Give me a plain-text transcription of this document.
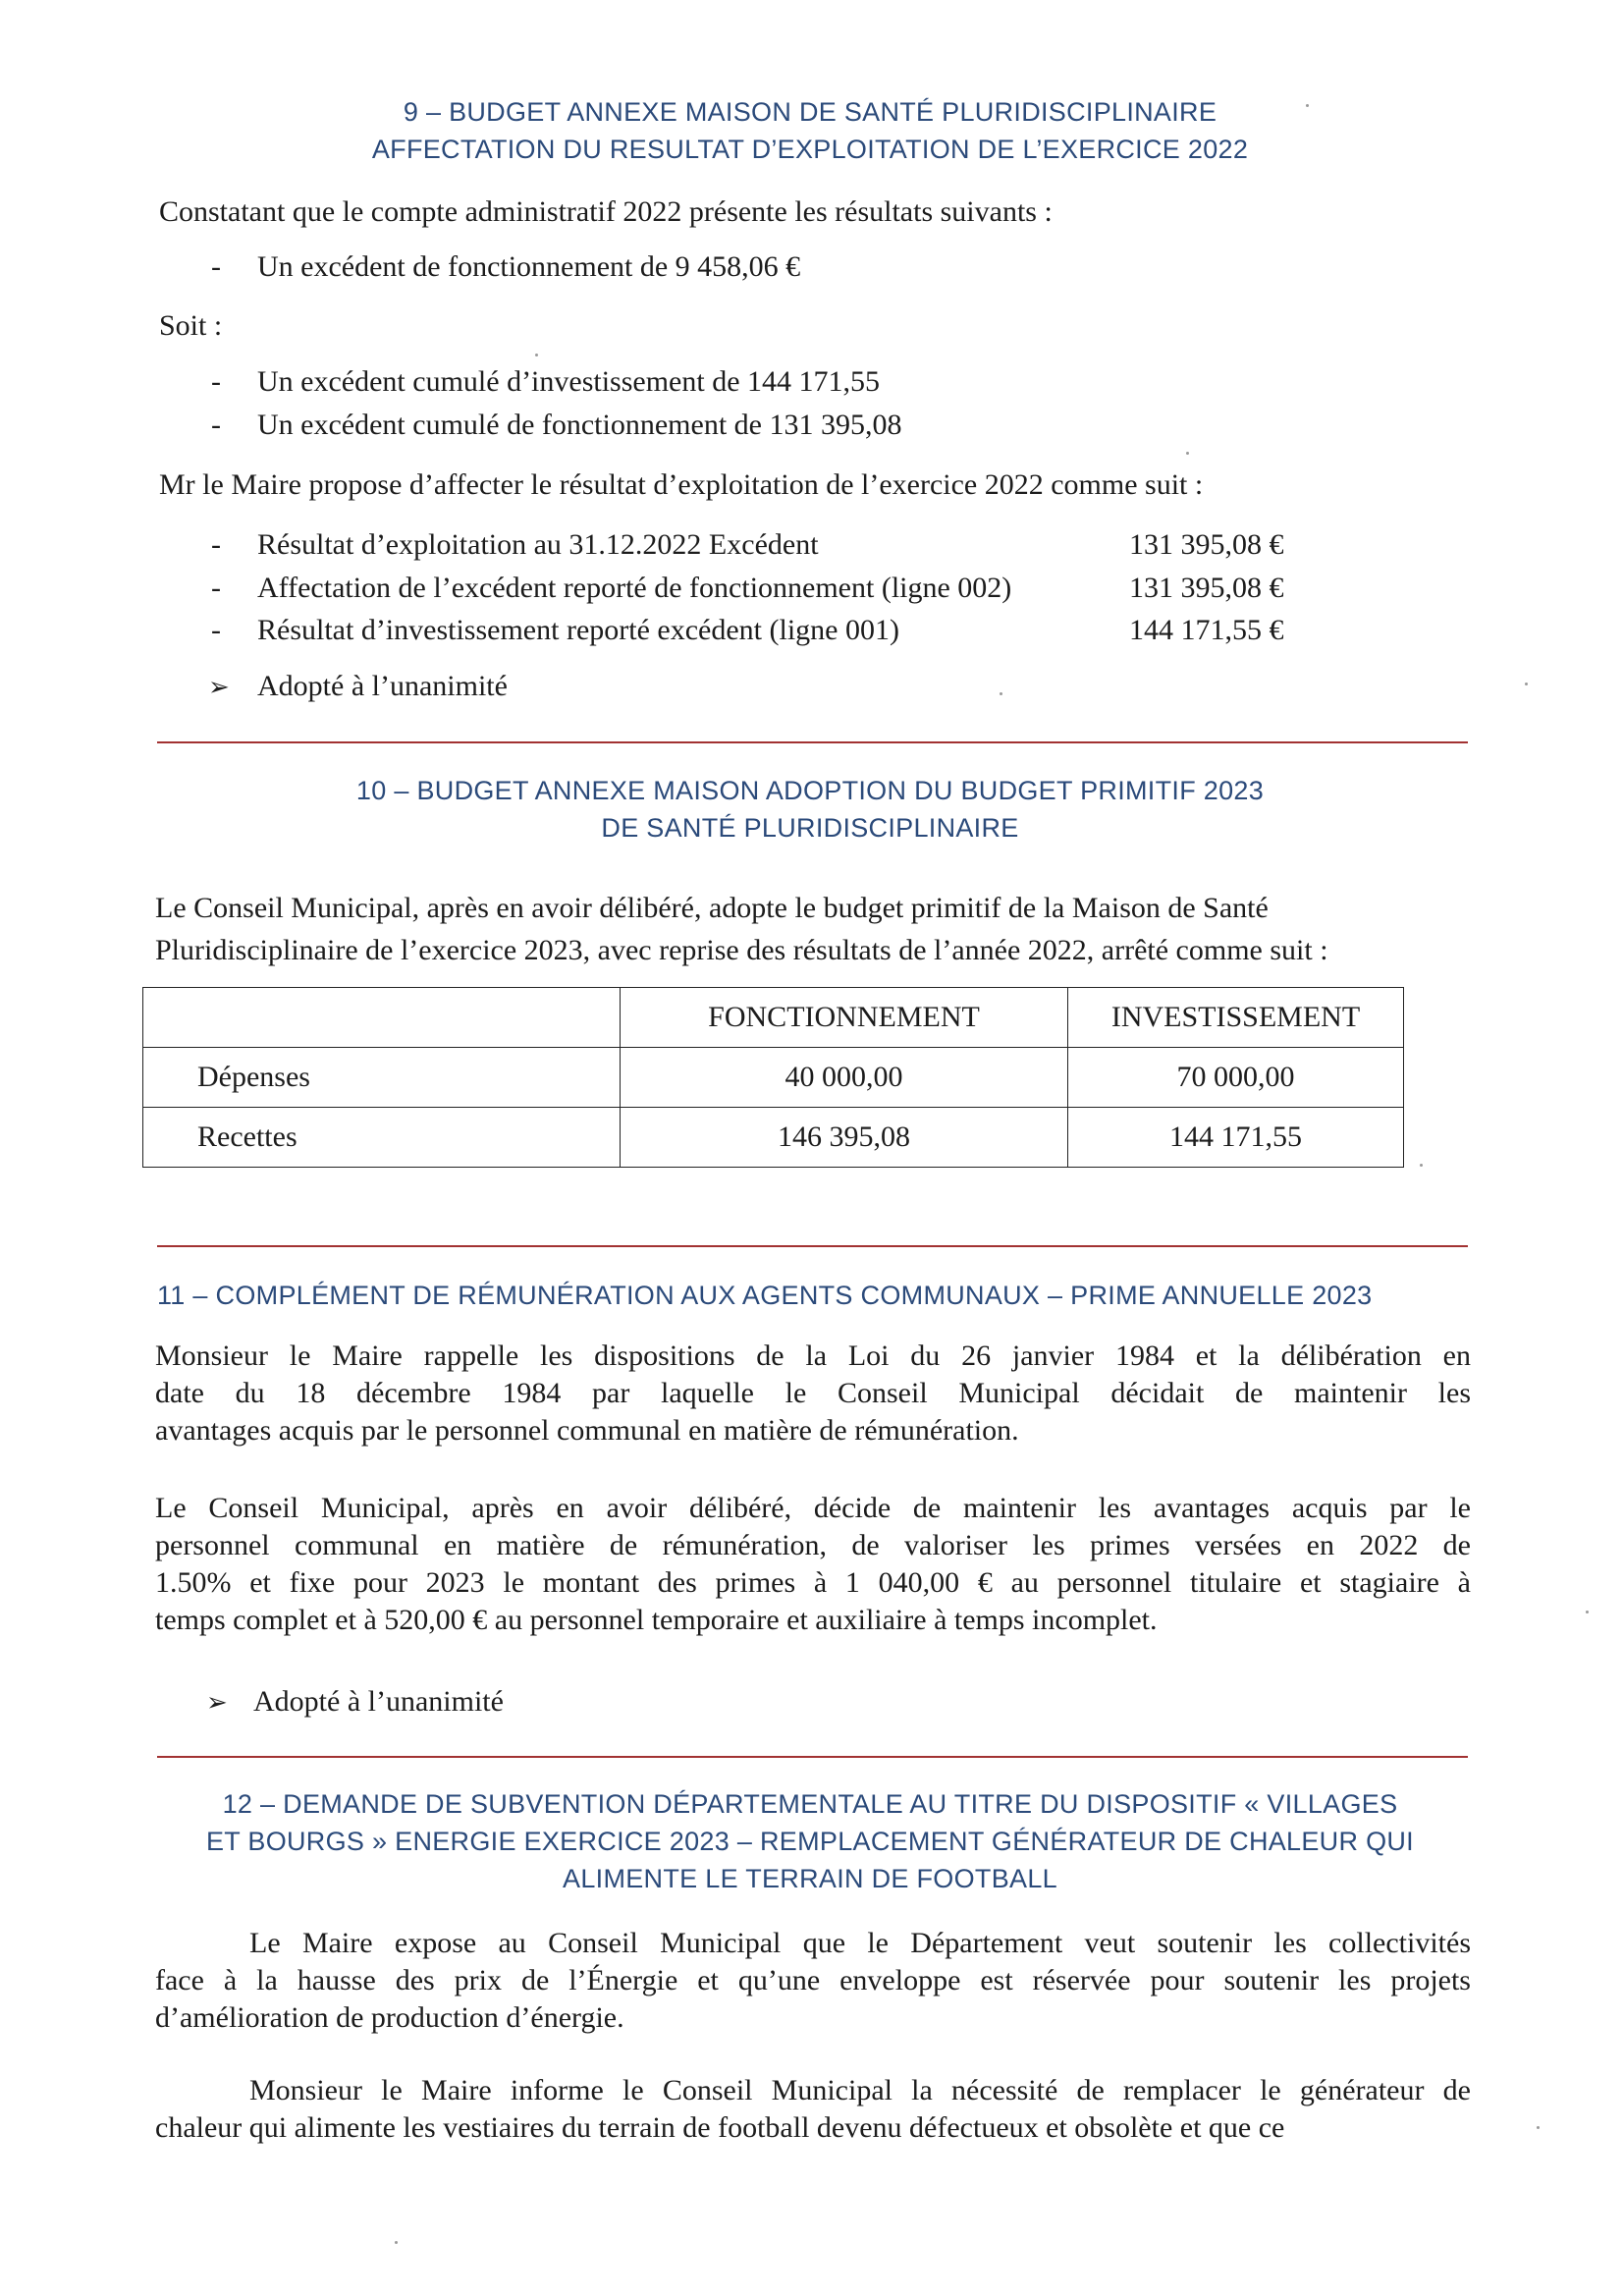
9 – BUDGET ANNEXE MAISON DE SANTÉ PLURIDISCIPLINAIRE
AFFECTATION DU RESULTAT D’EXPLOITATION DE L’EXERCICE 2022
Constatant que le compte administratif 2022 présente les résultats suivants :
- Un excédent de fonctionnement de 9 458,06 €
Soit :
- Un excédent cumulé d’investissement de 144 171,55
- Un excédent cumulé de fonctionnement de 131 395,08
Mr le Maire propose d’affecter le résultat d’exploitation de l’exercice 2022 comme suit :
- Résultat d’exploitation au 31.12.2022 Excédent	131 395,08 €
- Affectation de l’excédent reporté de fonctionnement (ligne 002)	131 395,08 €
- Résultat d’investissement reporté excédent (ligne 001)	144 171,55 €
➢ Adopté à l’unanimité
10 – BUDGET ANNEXE MAISON ADOPTION DU BUDGET PRIMITIF 2023
DE SANTÉ PLURIDISCIPLINAIRE
Le Conseil Municipal, après en avoir délibéré, adopte le budget primitif de la Maison de Santé
Pluridisciplinaire de l’exercice 2023, avec reprise des résultats de l’année 2022, arrêté comme suit :
	FONCTIONNEMENT	INVESTISSEMENT
Dépenses	40 000,00	70 000,00
Recettes	146 395,08	144 171,55
11 – COMPLÉMENT DE RÉMUNÉRATION AUX AGENTS COMMUNAUX – PRIME ANNUELLE 2023
Monsieur le Maire rappelle les dispositions de la Loi du 26 janvier 1984 et la délibération en
date du 18 décembre 1984 par laquelle le Conseil Municipal décidait de maintenir les
avantages acquis par le personnel communal en matière de rémunération.
Le Conseil Municipal, après en avoir délibéré, décide de maintenir les avantages acquis par le
personnel communal en matière de rémunération, de valoriser les primes versées en 2022 de
1.50% et fixe pour 2023 le montant des primes à 1 040,00 € au personnel titulaire et stagiaire à
temps complet et à 520,00 € au personnel temporaire et auxiliaire à temps incomplet.
➢ Adopté à l’unanimité
12 – DEMANDE DE SUBVENTION DÉPARTEMENTALE AU TITRE DU DISPOSITIF « VILLAGES
ET BOURGS » ENERGIE EXERCICE 2023 – REMPLACEMENT GÉNÉRATEUR DE CHALEUR QUI
ALIMENTE LE TERRAIN DE FOOTBALL
Le Maire expose au Conseil Municipal que le Département veut soutenir les collectivités
face à la hausse des prix de l’Énergie et qu’une enveloppe est réservée pour soutenir les projets
d’amélioration de production d’énergie.
Monsieur le Maire informe le Conseil Municipal la nécessité de remplacer le générateur de
chaleur qui alimente les vestiaires du terrain de football devenu défectueux et obsolète et que ce
